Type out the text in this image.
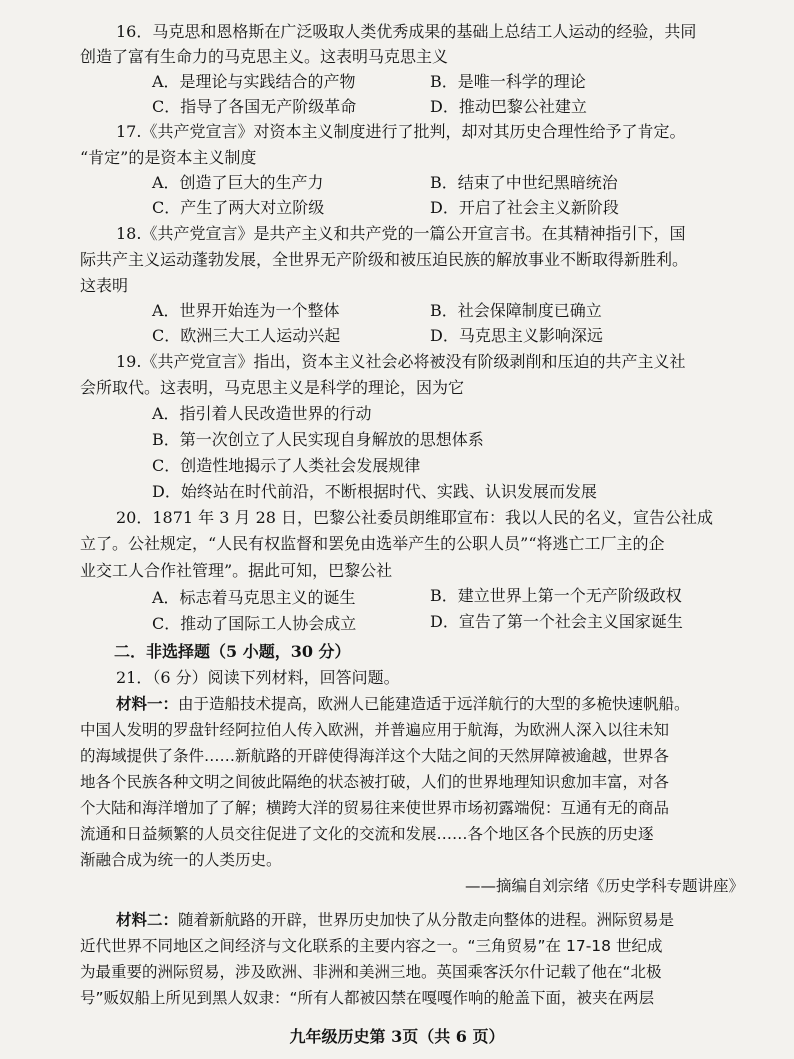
16．马克思和恩格斯在广泛吸取人类优秀成果的基础上总结工人运动的经验，共同
创造了富有生命力的马克思主义。这表明马克思主义
A．是理论与实践结合的产物	B．是唯一科学的理论
C．指导了各国无产阶级革命	D．推动巴黎公社建立
17.《共产党宣言》对资本主义制度进行了批判，却对其历史合理性给予了肯定。
“肯定”的是资本主义制度
A．创造了巨大的生产力	B．结束了中世纪黑暗统治
C．产生了两大对立阶级	D．开启了社会主义新阶段
18.《共产党宣言》是共产主义和共产党的一篇公开宣言书。在其精神指引下，国
际共产主义运动蓬勃发展，全世界无产阶级和被压迫民族的解放事业不断取得新胜利。
这表明
A．世界开始连为一个整体	B．社会保障制度已确立
C．欧洲三大工人运动兴起	D．马克思主义影响深远
19.《共产党宣言》指出，资本主义社会必将被没有阶级剥削和压迫的共产主义社
会所取代。这表明，马克思主义是科学的理论，因为它
A．指引着人民改造世界的行动
B．第一次创立了人民实现自身解放的思想体系
C．创造性地揭示了人类社会发展规律
D．始终站在时代前沿，不断根据时代、实践、认识发展而发展
20．1871 年 3 月 28 日，巴黎公社委员朗维耶宣布：我以人民的名义，宣告公社成
立了。公社规定，“人民有权监督和罢免由选举产生的公职人员”“将逃亡工厂主的企
业交工人合作社管理”。据此可知，巴黎公社
A．标志着马克思主义的诞生	B．建立世界上第一个无产阶级政权
C．推动了国际工人协会成立	D．宣告了第一个社会主义国家诞生
二．非选择题（5 小题，30 分）
21．（6 分）阅读下列材料，回答问题。
材料一：由于造船技术提高，欧洲人已能建造适于远洋航行的大型的多桅快速帆船。
中国人发明的罗盘针经阿拉伯人传入欧洲，并普遍应用于航海，为欧洲人深入以往未知
的海域提供了条件……新航路的开辟使得海洋这个大陆之间的天然屏障被逾越，世界各
地各个民族各种文明之间彼此隔绝的状态被打破，人们的世界地理知识愈加丰富，对各
个大陆和海洋增加了了解；横跨大洋的贸易往来使世界市场初露端倪：互通有无的商品
流通和日益频繁的人员交往促进了文化的交流和发展……各个地区各个民族的历史逐
渐融合成为统一的人类历史。
——摘编自刘宗绪《历史学科专题讲座》
材料二：随着新航路的开辟，世界历史加快了从分散走向整体的进程。洲际贸易是
近代世界不同地区之间经济与文化联系的主要内容之一。“三角贸易”在 17-18 世纪成
为最重要的洲际贸易，涉及欧洲、非洲和美洲三地。英国乘客沃尔什记载了他在“北极
号”贩奴船上所见到黑人奴隶：“所有人都被囚禁在嘎嘎作响的舱盖下面，被夹在两层
九年级历史第 3页（共 6 页）
